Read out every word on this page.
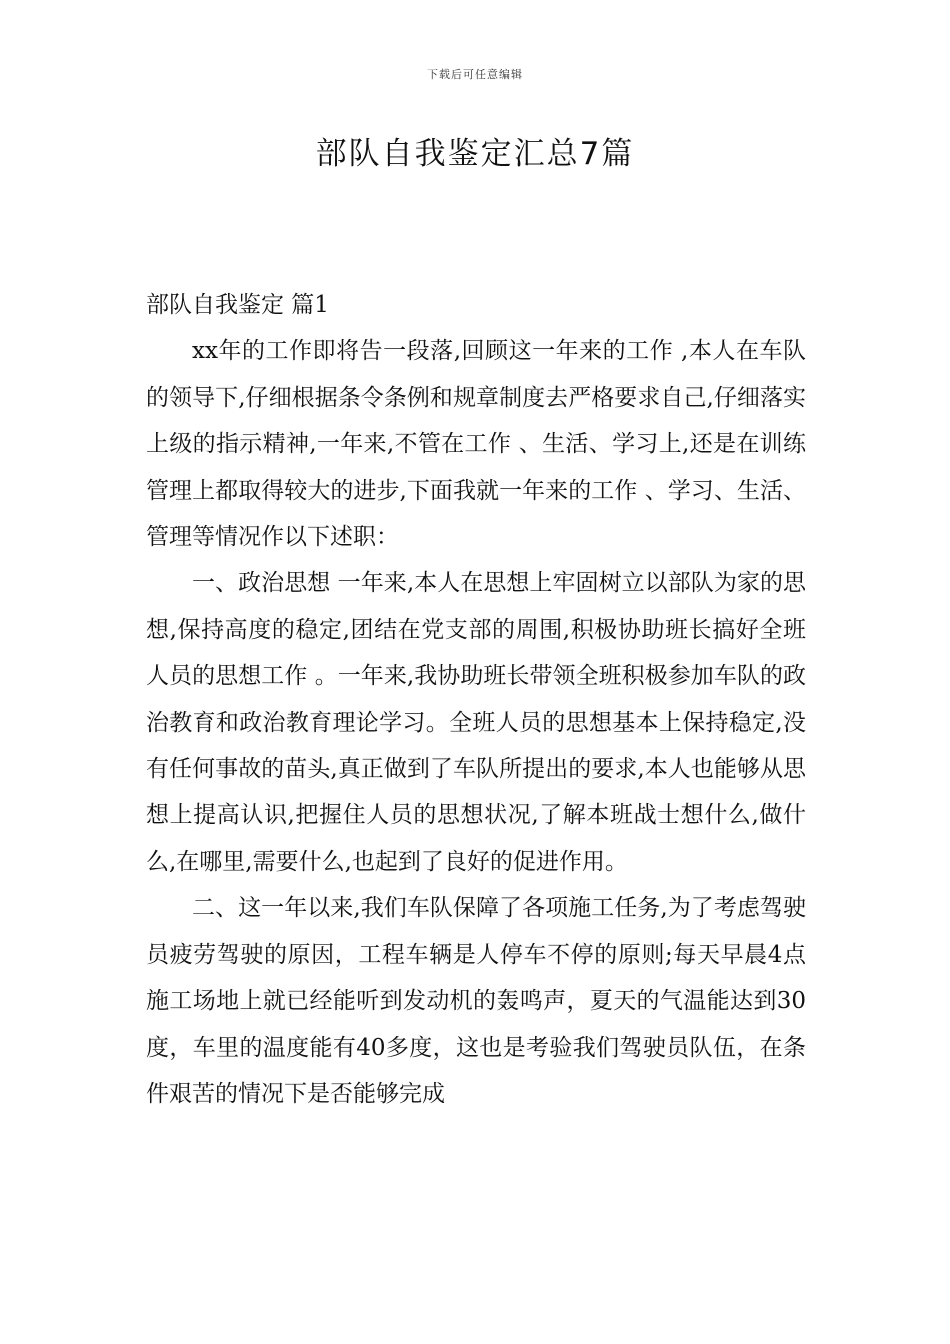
下载后可任意编辑
部队自我鉴定汇总7篇

部队自我鉴定 篇1

xx年的工作即将告一段落,回顾这一年来的工作 ,本人在车队的领导下,仔细根据条令条例和规章制度去严格要求自己,仔细落实上级的指示精神,一年来,不管在工作 、生活、学习上,还是在训练管理上都取得较大的进步,下面我就一年来的工作 、学习、生活、管理等情况作以下述职：

一、政治思想 一年来,本人在思想上牢固树立以部队为家的思想,保持高度的稳定,团结在党支部的周围,积极协助班长搞好全班人员的思想工作 。一年来,我协助班长带领全班积极参加车队的政治教育和政治教育理论学习。全班人员的思想基本上保持稳定,没有任何事故的苗头,真正做到了车队所提出的要求,本人也能够从思想上提高认识,把握住人员的思想状况,了解本班战士想什么,做什么,在哪里,需要什么,也起到了良好的促进作用。

二、这一年以来,我们车队保障了各项施工任务,为了考虑驾驶员疲劳驾驶的原因，工程车辆是人停车不停的原则;每天早晨4点施工场地上就已经能听到发动机的轰鸣声，夏天的气温能达到30度，车里的温度能有40多度，这也是考验我们驾驶员队伍，在条件艰苦的情况下是否能够完成
